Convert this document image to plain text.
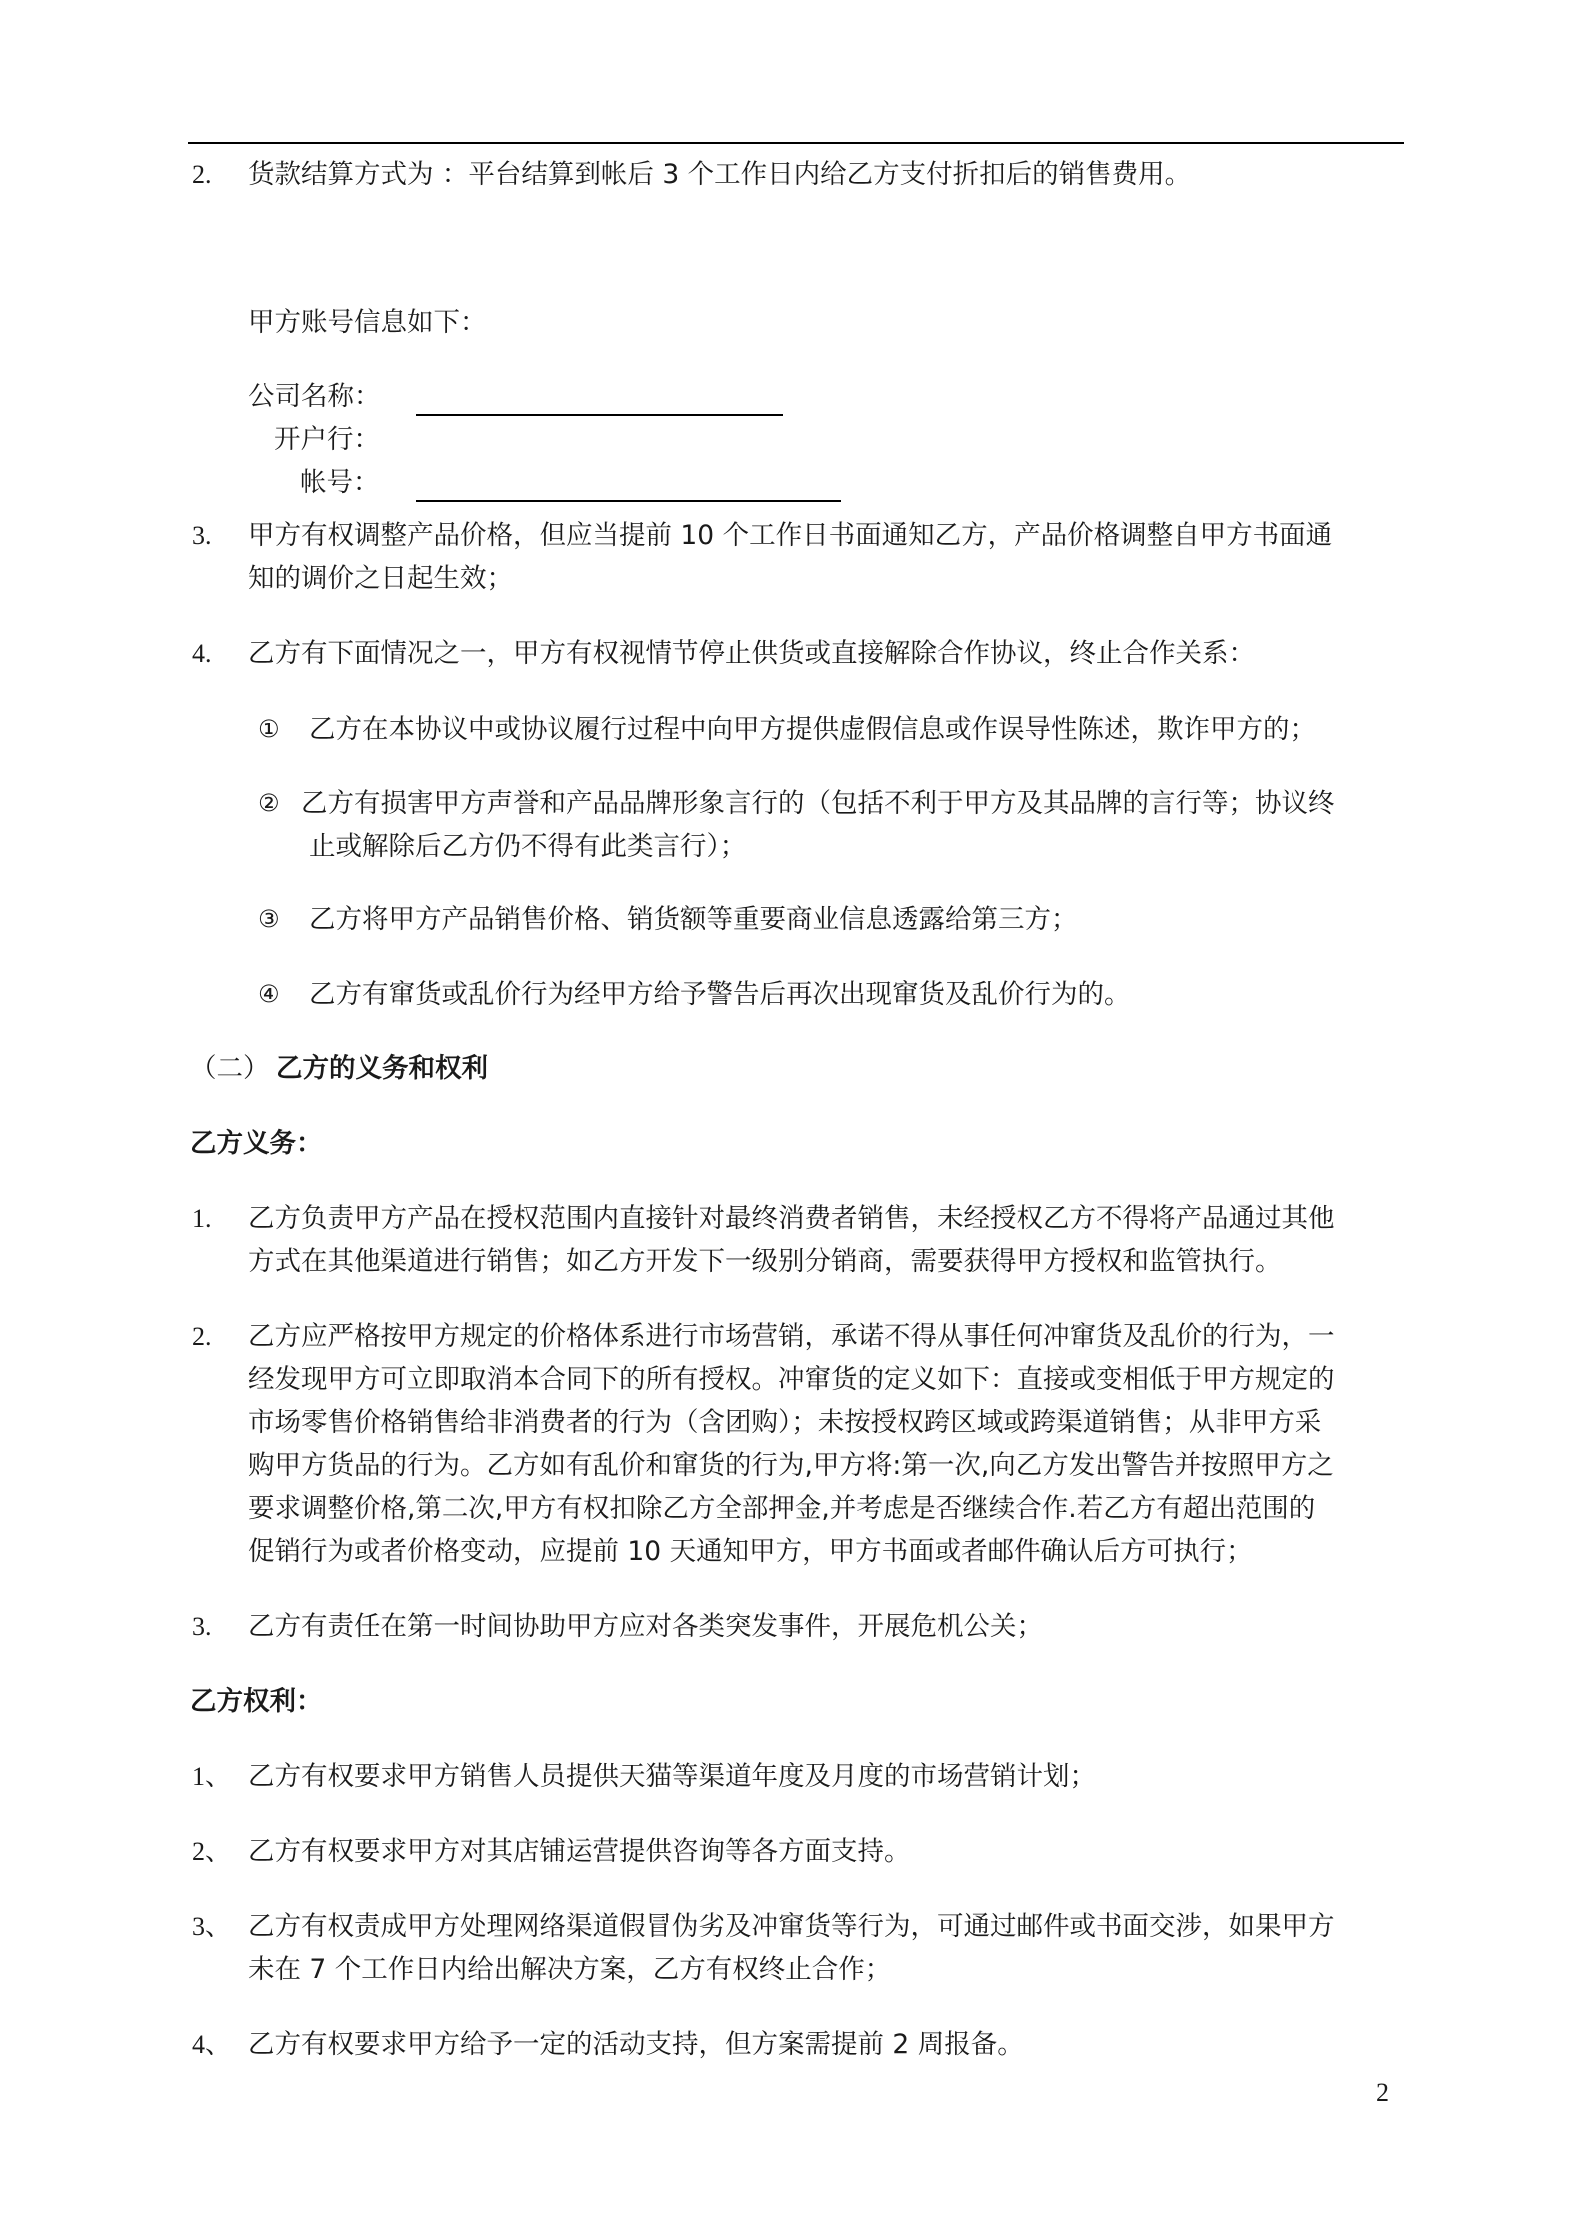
2. 货款结算方式为 ：平台结算到帐后 3 个工作日内给乙方支付折扣后的销售费用。
甲方账号信息如下：
公司名称：
开户行：
帐号：
3. 甲方有权调整产品价格，但应当提前 10 个工作日书面通知乙方，产品价格调整自甲方书面通
知的调价之日起生效；
4. 乙方有下面情况之一，甲方有权视情节停止供货或直接解除合作协议，终止合作关系：
① 乙方在本协议中或协议履行过程中向甲方提供虚假信息或作误导性陈述，欺诈甲方的；
② 乙方有损害甲方声誉和产品品牌形象言行的（包括不利于甲方及其品牌的言行等；协议终
止或解除后乙方仍不得有此类言行）；
③ 乙方将甲方产品销售价格、销货额等重要商业信息透露给第三方；
④ 乙方有窜货或乱价行为经甲方给予警告后再次出现窜货及乱价行为的。
（二） 乙方的义务和权利
乙方义务：
1. 乙方负责甲方产品在授权范围内直接针对最终消费者销售，未经授权乙方不得将产品通过其他
方式在其他渠道进行销售；如乙方开发下一级别分销商，需要获得甲方授权和监管执行。
2. 乙方应严格按甲方规定的价格体系进行市场营销，承诺不得从事任何冲窜货及乱价的行为，一
经发现甲方可立即取消本合同下的所有授权。冲窜货的定义如下：直接或变相低于甲方规定的
市场零售价格销售给非消费者的行为（含团购）；未按授权跨区域或跨渠道销售；从非甲方采
购甲方货品的行为。乙方如有乱价和窜货的行为,甲方将:第一次,向乙方发出警告并按照甲方之
要求调整价格,第二次,甲方有权扣除乙方全部押金,并考虑是否继续合作.若乙方有超出范围的
促销行为或者价格变动，应提前 10 天通知甲方，甲方书面或者邮件确认后方可执行；
3. 乙方有责任在第一时间协助甲方应对各类突发事件，开展危机公关；
乙方权利：
1、 乙方有权要求甲方销售人员提供天猫等渠道年度及月度的市场营销计划；
2、 乙方有权要求甲方对其店铺运营提供咨询等各方面支持。
3、 乙方有权责成甲方处理网络渠道假冒伪劣及冲窜货等行为，可通过邮件或书面交涉，如果甲方
未在 7 个工作日内给出解决方案，乙方有权终止合作；
4、 乙方有权要求甲方给予一定的活动支持，但方案需提前 2 周报备。
2
